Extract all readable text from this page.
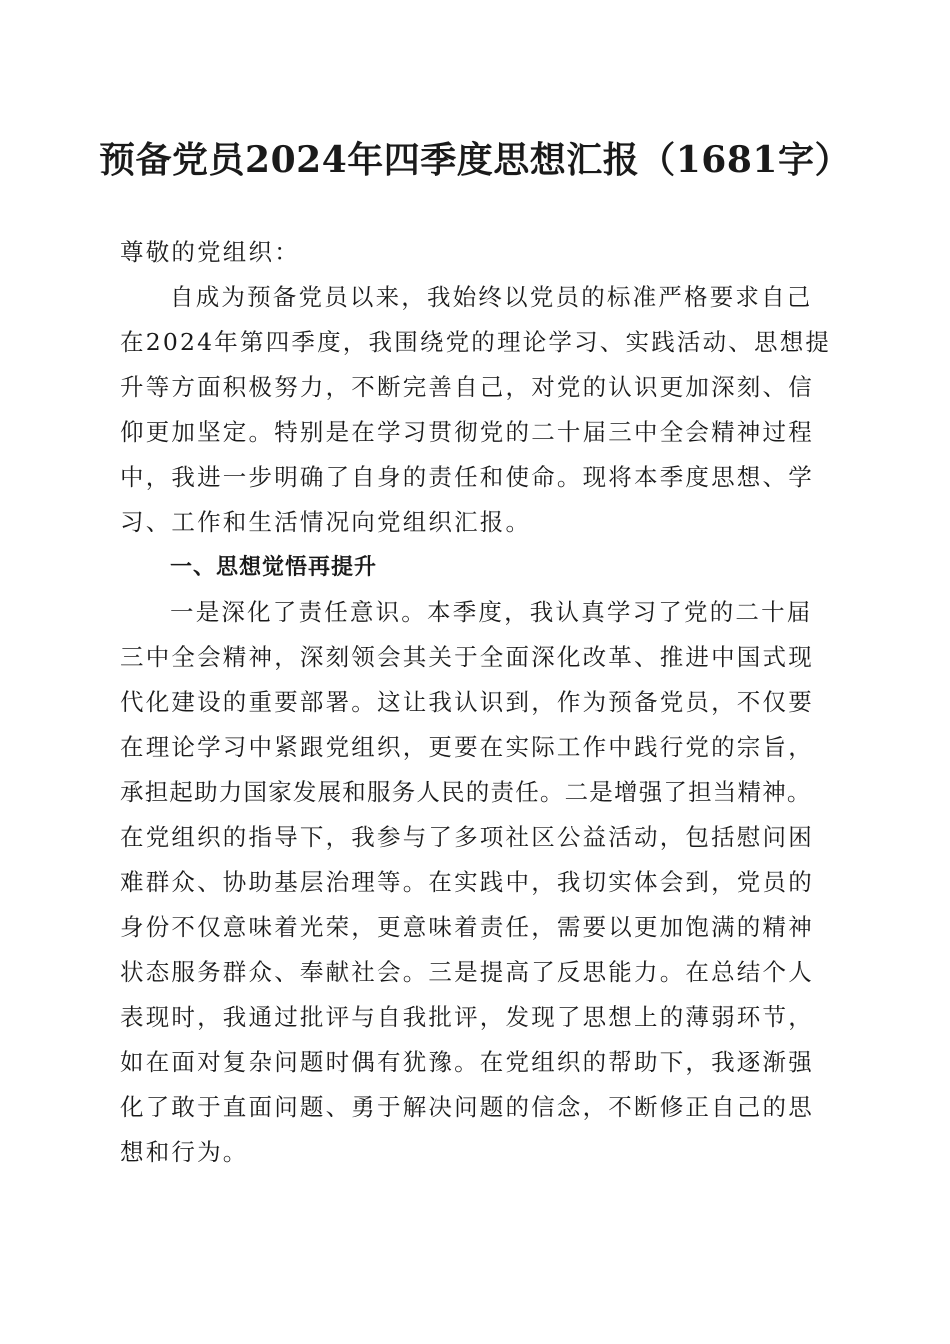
预备党员2024年四季度思想汇报（1681字）
尊敬的党组织：
自成为预备党员以来，我始终以党员的标准严格要求自己
在2024年第四季度，我围绕党的理论学习、实践活动、思想提
升等方面积极努力，不断完善自己，对党的认识更加深刻、信
仰更加坚定。特别是在学习贯彻党的二十届三中全会精神过程
中，我进一步明确了自身的责任和使命。现将本季度思想、学
习、工作和生活情况向党组织汇报。
一、思想觉悟再提升
一是深化了责任意识。本季度，我认真学习了党的二十届
三中全会精神，深刻领会其关于全面深化改革、推进中国式现
代化建设的重要部署。这让我认识到，作为预备党员，不仅要
在理论学习中紧跟党组织，更要在实际工作中践行党的宗旨，
承担起助力国家发展和服务人民的责任。二是增强了担当精神。
在党组织的指导下，我参与了多项社区公益活动，包括慰问困
难群众、协助基层治理等。在实践中，我切实体会到，党员的
身份不仅意味着光荣，更意味着责任，需要以更加饱满的精神
状态服务群众、奉献社会。三是提高了反思能力。在总结个人
表现时，我通过批评与自我批评，发现了思想上的薄弱环节，
如在面对复杂问题时偶有犹豫。在党组织的帮助下，我逐渐强
化了敢于直面问题、勇于解决问题的信念，不断修正自己的思
想和行为。
